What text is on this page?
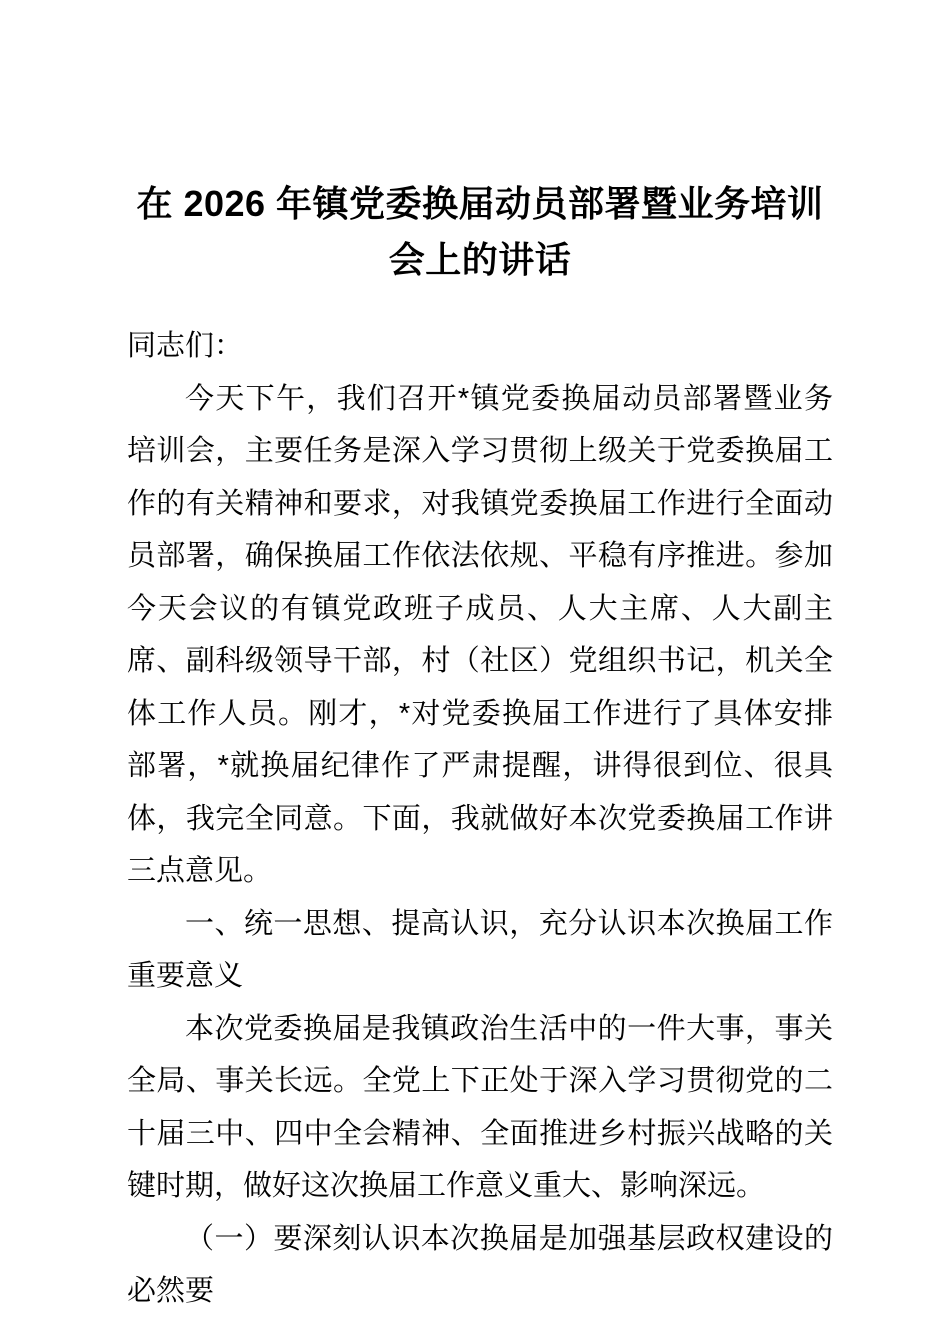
在 2026 年镇党委换届动员部署暨业务培训会上的讲话

同志们：

今天下午，我们召开*镇党委换届动员部署暨业务培训会，主要任务是深入学习贯彻上级关于党委换届工作的有关精神和要求，对我镇党委换届工作进行全面动员部署，确保换届工作依法依规、平稳有序推进。参加今天会议的有镇党政班子成员、人大主席、人大副主席、副科级领导干部，村（社区）党组织书记，机关全体工作人员。刚才，*对党委换届工作进行了具体安排部署，*就换届纪律作了严肃提醒，讲得很到位、很具体，我完全同意。下面，我就做好本次党委换届工作讲三点意见。

一、统一思想、提高认识，充分认识本次换届工作重要意义

本次党委换届是我镇政治生活中的一件大事，事关全局、事关长远。全党上下正处于深入学习贯彻党的二十届三中、四中全会精神、全面推进乡村振兴战略的关键时期，做好这次换届工作意义重大、影响深远。

（一）要深刻认识本次换届是加强基层政权建设的必然要
